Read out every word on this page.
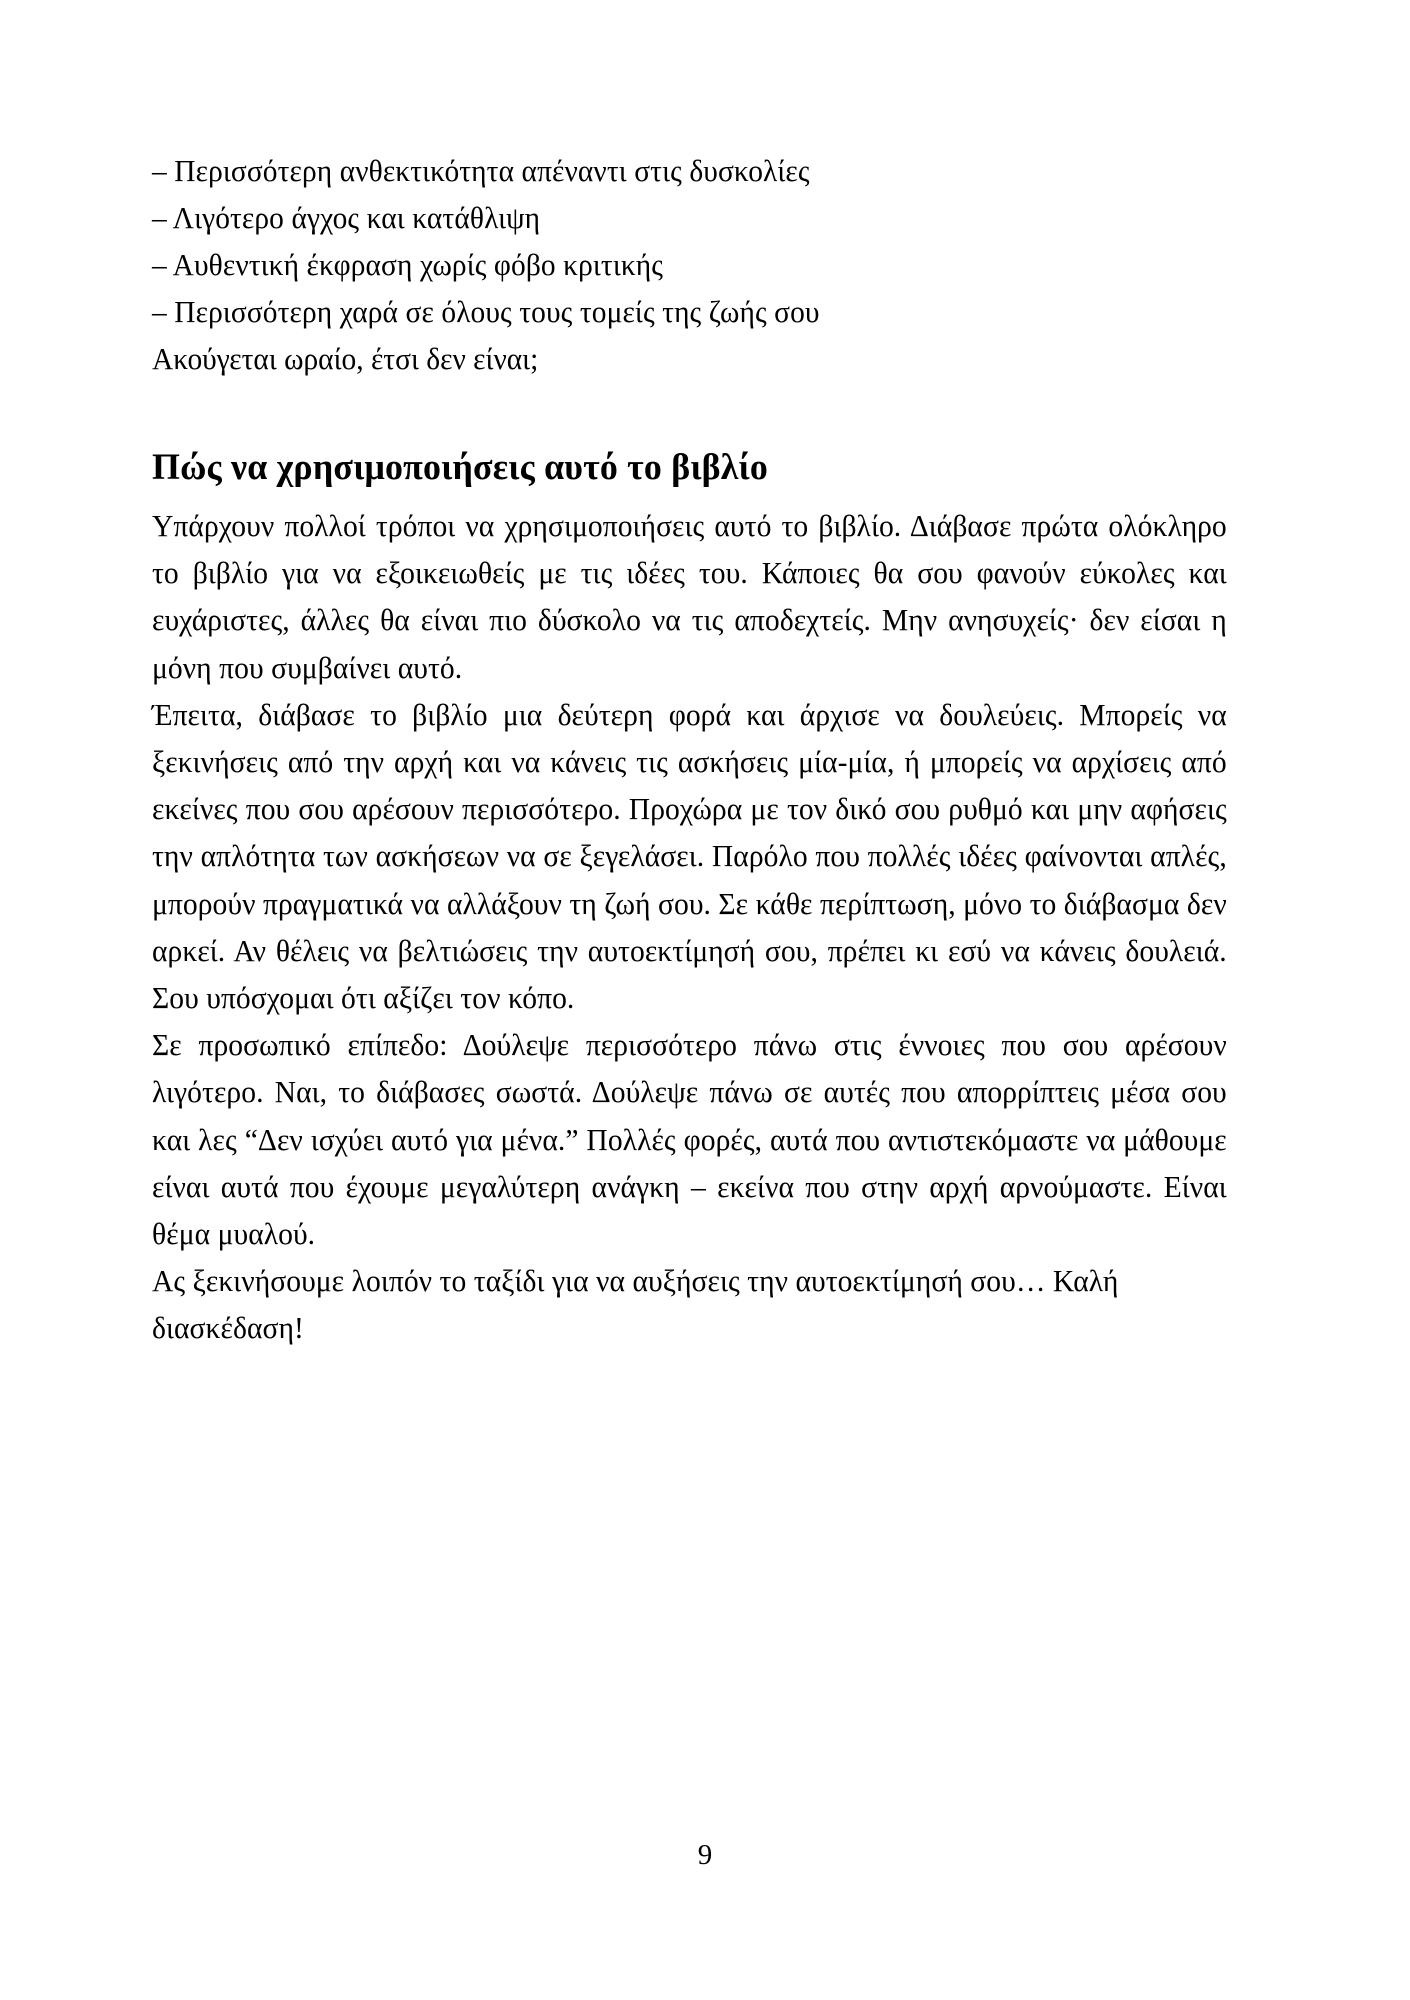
– Περισσότερη ανθεκτικότητα απέναντι στις δυσκολίες
– Λιγότερο άγχος και κατάθλιψη
– Αυθεντική έκφραση χωρίς φόβο κριτικής
– Περισσότερη χαρά σε όλους τους τομείς της ζωής σου
Ακούγεται ωραίο, έτσι δεν είναι;
Πώς να χρησιμοποιήσεις αυτό το βιβλίο

Υπάρχουν πολλοί τρόποι να χρησιμοποιήσεις αυτό το βιβλίο. Διάβασε πρώτα ολόκληρο το βιβλίο για να εξοικειωθείς με τις ιδέες του. Κάποιες θα σου φανούν εύκολες και ευχάριστες, άλλες θα είναι πιο δύσκολο να τις αποδεχτείς. Μην ανησυχείς· δεν είσαι η μόνη που συμβαίνει αυτό.

Έπειτα, διάβασε το βιβλίο μια δεύτερη φορά και άρχισε να δουλεύεις. Μπορείς να ξεκινήσεις από την αρχή και να κάνεις τις ασκήσεις μία-μία, ή μπορείς να αρχίσεις από εκείνες που σου αρέσουν περισσότερο. Προχώρα με τον δικό σου ρυθμό και μην αφήσεις την απλότητα των ασκήσεων να σε ξεγελάσει. Παρόλο που πολλές ιδέες φαίνονται απλές, μπορούν πραγματικά να αλλάξουν τη ζωή σου. Σε κάθε περίπτωση, μόνο το διάβασμα δεν αρκεί. Αν θέλεις να βελτιώσεις την αυτοεκτίμησή σου, πρέπει κι εσύ να κάνεις δουλειά. Σου υπόσχομαι ότι αξίζει τον κόπο.

Σε προσωπικό επίπεδο: Δούλεψε περισσότερο πάνω στις έννοιες που σου αρέσουν λιγότερο. Ναι, το διάβασες σωστά. Δούλεψε πάνω σε αυτές που απορρίπτεις μέσα σου και λες “Δεν ισχύει αυτό για μένα.” Πολλές φορές, αυτά που αντιστεκόμαστε να μάθουμε είναι αυτά που έχουμε μεγαλύτερη ανάγκη – εκείνα που στην αρχή αρνούμαστε. Είναι θέμα μυαλού.

Ας ξεκινήσουμε λοιπόν το ταξίδι για να αυξήσεις την αυτοεκτίμησή σου… Καλή διασκέδαση!

9
